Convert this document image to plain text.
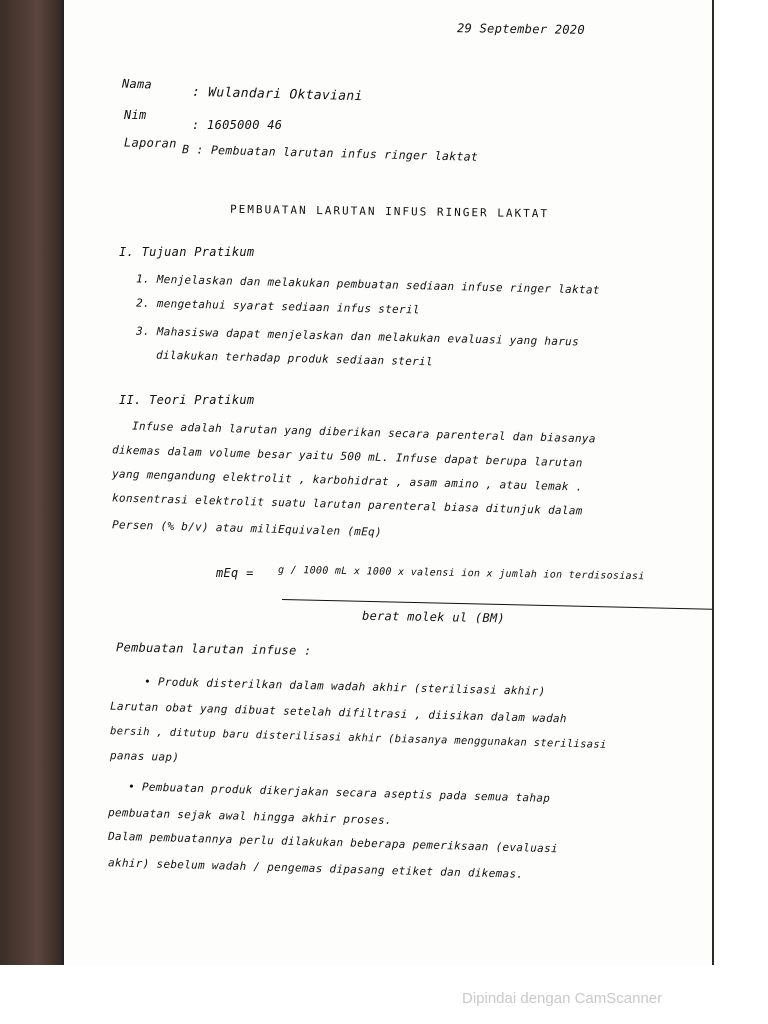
29 September 2020
Nama
: Wulandari Oktaviani
Nim
: 1605000 46
Laporan B : Pembuatan larutan infus ringer laktat
PEMBUATAN LARUTAN INFUS RINGER LAKTAT
I. Tujuan Pratikum
1. Menjelaskan dan melakukan pembuatan sediaan infuse ringer laktat
2. mengetahui syarat sediaan infus steril
3. Mahasiswa dapat menjelaskan dan melakukan evaluasi yang harus
dilakukan terhadap produk sediaan steril
II. Teori Pratikum
Infuse adalah larutan yang diberikan secara parenteral dan biasanya
dikemas dalam volume besar yaitu 500 mL. Infuse dapat berupa larutan
yang mengandung elektrolit , karbohidrat , asam amino , atau lemak .
konsentrasi elektrolit suatu larutan parenteral biasa ditunjuk dalam
Persen (% b/v) atau miliEquivalen (mEq)
mEq = g / 1000 mL x 1000 x valensi ion x jumlah ion terdisosiasi
berat molek ul (BM)
Pembuatan larutan infuse :
• Produk disterilkan dalam wadah akhir (sterilisasi akhir)
Larutan obat yang dibuat setelah difiltrasi , diisikan dalam wadah
bersih , ditutup baru disterilisasi akhir (biasanya menggunakan sterilisasi
panas uap)
• Pembuatan produk dikerjakan secara aseptis pada semua tahap
pembuatan sejak awal hingga akhir proses.
Dalam pembuatannya perlu dilakukan beberapa pemeriksaan (evaluasi
akhir) sebelum wadah / pengemas dipasang etiket dan dikemas.
Dipindai dengan CamScanner
